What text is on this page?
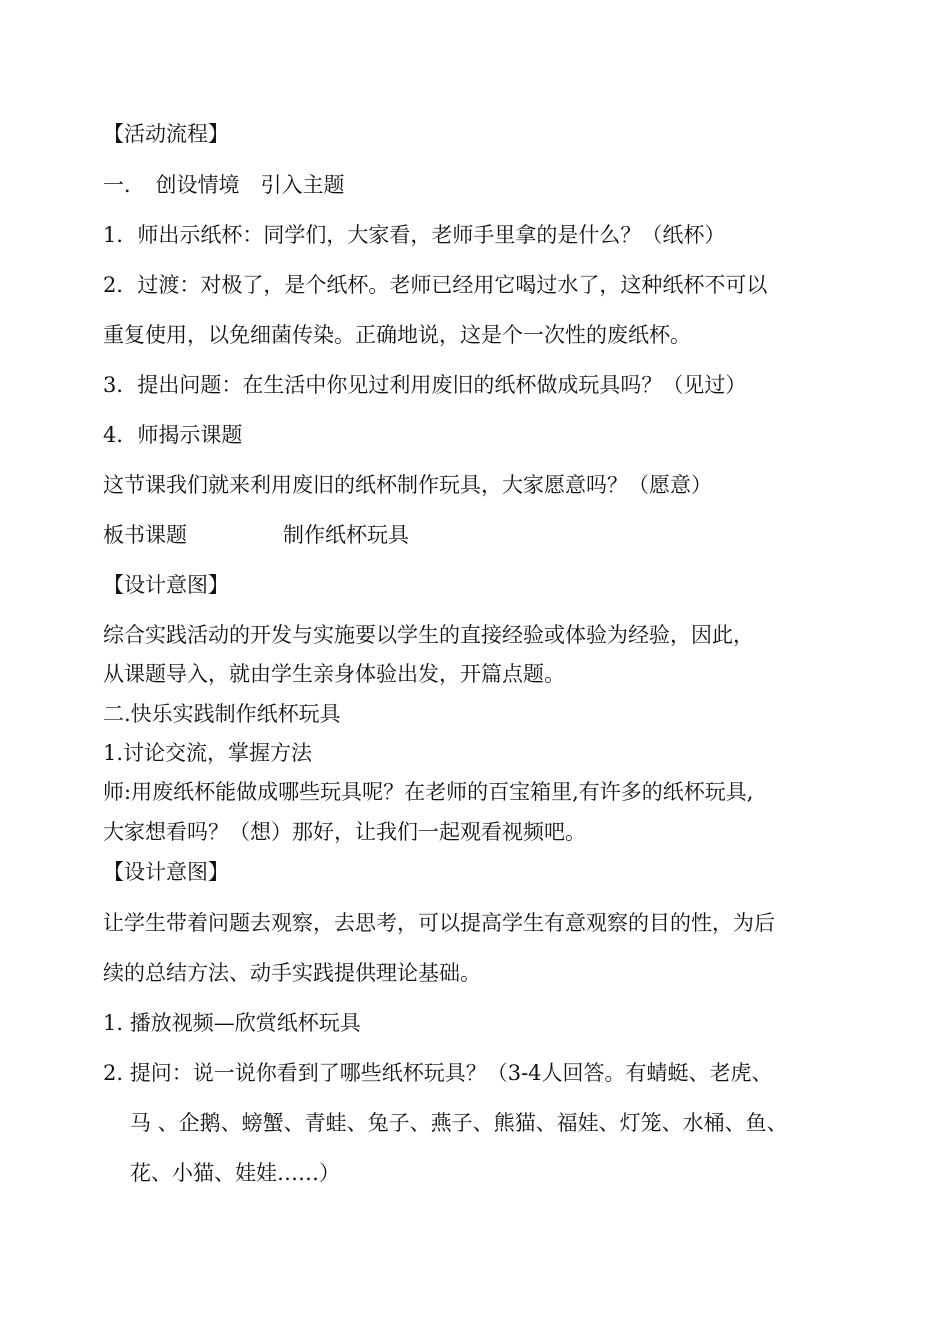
【活动流程】
一．　创设情境　引入主题
1．师出示纸杯：同学们，大家看，老师手里拿的是什么？（纸杯）
2．过渡：对极了，是个纸杯。老师已经用它喝过水了，这种纸杯不可以
重复使用，以免细菌传染。正确地说，这是个一次性的废纸杯。
3．提出问题：在生活中你见过利用废旧的纸杯做成玩具吗？（见过）
4．师揭示课题
这节课我们就来利用废旧的纸杯制作玩具，大家愿意吗？（愿意）
板书课题	制作纸杯玩具
【设计意图】
综合实践活动的开发与实施要以学生的直接经验或体验为经验，因此，
从课题导入，就由学生亲身体验出发，开篇点题。
二.快乐实践制作纸杯玩具
1.讨论交流，掌握方法
师:用废纸杯能做成哪些玩具呢？在老师的百宝箱里,有许多的纸杯玩具,
大家想看吗？（想）那好，让我们一起观看视频吧。
【设计意图】
让学生带着问题去观察，去思考，可以提高学生有意观察的目的性，为后
续的总结方法、动手实践提供理论基础。
1. 播放视频—欣赏纸杯玩具
2. 提问：说一说你看到了哪些纸杯玩具？（3-4人回答。有蜻蜓、老虎、
马 、企鹅、螃蟹、青蛙、兔子、燕子、熊猫、福娃、灯笼、水桶、鱼、
花、小猫、娃娃……）
